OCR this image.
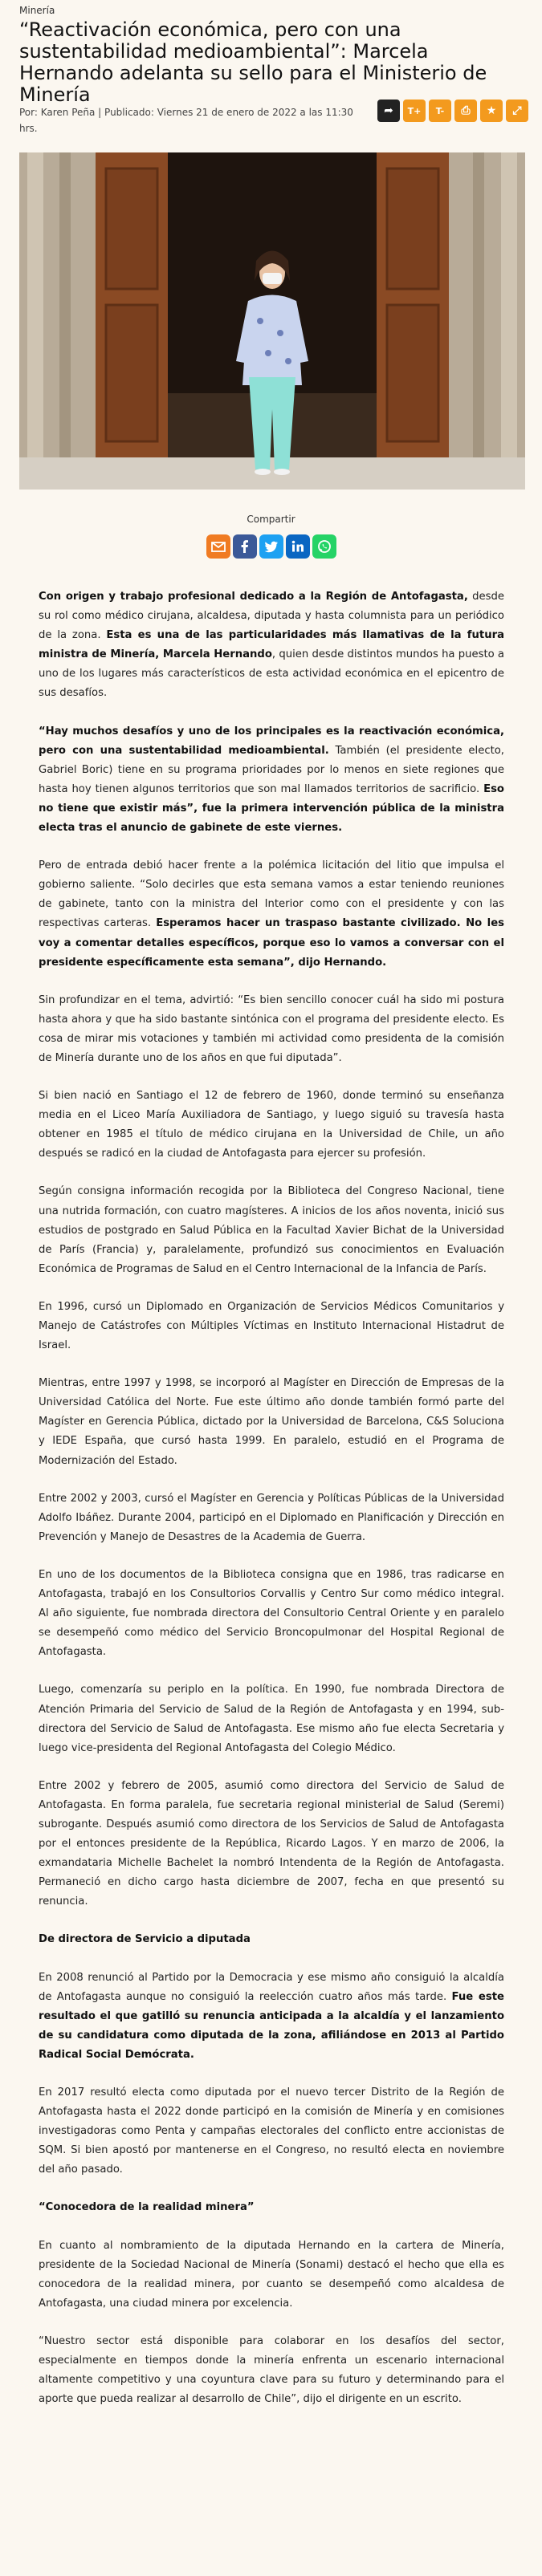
Minería
“Reactivación económica, pero con una sustentabilidad medioambiental”: Marcela Hernando adelanta su sello para el Ministerio de Minería
Por: Karen Peña | Publicado: Viernes 21 de enero de 2022 a las 11:30 hrs.
➦ T+ T- ⎙ ★ ⤢
Compartir

Con origen y trabajo profesional dedicado a la Región de Antofagasta, desde su rol como médico cirujana, alcaldesa, diputada y hasta columnista para un periódico de la zona. Esta es una de las particularidades más llamativas de la futura ministra de Minería, Marcela Hernando, quien desde distintos mundos ha puesto a uno de los lugares más característicos de esta actividad económica en el epicentro de sus desafíos.

“Hay muchos desafíos y uno de los principales es la reactivación económica, pero con una sustentabilidad medioambiental. También (el presidente electo, Gabriel Boric) tiene en su programa prioridades por lo menos en siete regiones que hasta hoy tienen algunos territorios que son mal llamados territorios de sacrificio. Eso no tiene que existir más”, fue la primera intervención pública de la ministra electa tras el anuncio de gabinete de este viernes.

Pero de entrada debió hacer frente a la polémica licitación del litio que impulsa el gobierno saliente. “Solo decirles que esta semana vamos a estar teniendo reuniones de gabinete, tanto con la ministra del Interior como con el presidente y con las respectivas carteras. Esperamos hacer un traspaso bastante civilizado. No les voy a comentar detalles específicos, porque eso lo vamos a conversar con el presidente específicamente esta semana”, dijo Hernando.

Sin profundizar en el tema, advirtió: “Es bien sencillo conocer cuál ha sido mi postura hasta ahora y que ha sido bastante sintónica con el programa del presidente electo. Es cosa de mirar mis votaciones y también mi actividad como presidenta de la comisión de Minería durante uno de los años en que fui diputada”.

Si bien nació en Santiago el 12 de febrero de 1960, donde terminó su enseñanza media en el Liceo María Auxiliadora de Santiago, y luego siguió su travesía hasta obtener en 1985 el título de médico cirujana en la Universidad de Chile, un año después se radicó en la ciudad de Antofagasta para ejercer su profesión.

Según consigna información recogida por la Biblioteca del Congreso Nacional, tiene una nutrida formación, con cuatro magísteres. A inicios de los años noventa, inició sus estudios de postgrado en Salud Pública en la Facultad Xavier Bichat de la Universidad de París (Francia) y, paralelamente, profundizó sus conocimientos en Evaluación Económica de Programas de Salud en el Centro Internacional de la Infancia de París.

En 1996, cursó un Diplomado en Organización de Servicios Médicos Comunitarios y Manejo de Catástrofes con Múltiples Víctimas en Instituto Internacional Histadrut de Israel.

Mientras, entre 1997 y 1998, se incorporó al Magíster en Dirección de Empresas de la Universidad Católica del Norte. Fue este último año donde también formó parte del Magíster en Gerencia Pública, dictado por la Universidad de Barcelona, C&S Soluciona y IEDE España, que cursó hasta 1999. En paralelo, estudió en el Programa de Modernización del Estado.

Entre 2002 y 2003, cursó el Magíster en Gerencia y Políticas Públicas de la Universidad Adolfo Ibáñez. Durante 2004, participó en el Diplomado en Planificación y Dirección en Prevención y Manejo de Desastres de la Academia de Guerra.

En uno de los documentos de la Biblioteca consigna que en 1986, tras radicarse en Antofagasta, trabajó en los Consultorios Corvallis y Centro Sur como médico integral. Al año siguiente, fue nombrada directora del Consultorio Central Oriente y en paralelo se desempeñó como médico del Servicio Broncopulmonar del Hospital Regional de Antofagasta.

Luego, comenzaría su periplo en la política. En 1990, fue nombrada Directora de Atención Primaria del Servicio de Salud de la Región de Antofagasta y en 1994, sub-directora del Servicio de Salud de Antofagasta. Ese mismo año fue electa Secretaria y luego vice-presidenta del Regional Antofagasta del Colegio Médico.

Entre 2002 y febrero de 2005, asumió como directora del Servicio de Salud de Antofagasta. En forma paralela, fue secretaria regional ministerial de Salud (Seremi) subrogante. Después asumió como directora de los Servicios de Salud de Antofagasta por el entonces presidente de la República, Ricardo Lagos. Y en marzo de 2006, la exmandataria Michelle Bachelet la nombró Intendenta de la Región de Antofagasta. Permaneció en dicho cargo hasta diciembre de 2007, fecha en que presentó su renuncia.

De directora de Servicio a diputada

En 2008 renunció al Partido por la Democracia y ese mismo año consiguió la alcaldía de Antofagasta aunque no consiguió la reelección cuatro años más tarde. Fue este resultado el que gatilló su renuncia anticipada a la alcaldía y el lanzamiento de su candidatura como diputada de la zona, afiliándose en 2013 al Partido Radical Social Demócrata.

En 2017 resultó electa como diputada por el nuevo tercer Distrito de la Región de Antofagasta hasta el 2022 donde participó en la comisión de Minería y en comisiones investigadoras como Penta y campañas electorales del conflicto entre accionistas de SQM. Si bien apostó por mantenerse en el Congreso, no resultó electa en noviembre del año pasado.

“Conocedora de la realidad minera”

En cuanto al nombramiento de la diputada Hernando en la cartera de Minería, presidente de la Sociedad Nacional de Minería (Sonami) destacó el hecho que ella es conocedora de la realidad minera, por cuanto se desempeñó como alcaldesa de Antofagasta, una ciudad minera por excelencia.

“Nuestro sector está disponible para colaborar en los desafíos del sector, especialmente en tiempos donde la minería enfrenta un escenario internacional altamente competitivo y una coyuntura clave para su futuro y determinando para el aporte que pueda realizar al desarrollo de Chile”, dijo el dirigente en un escrito.
